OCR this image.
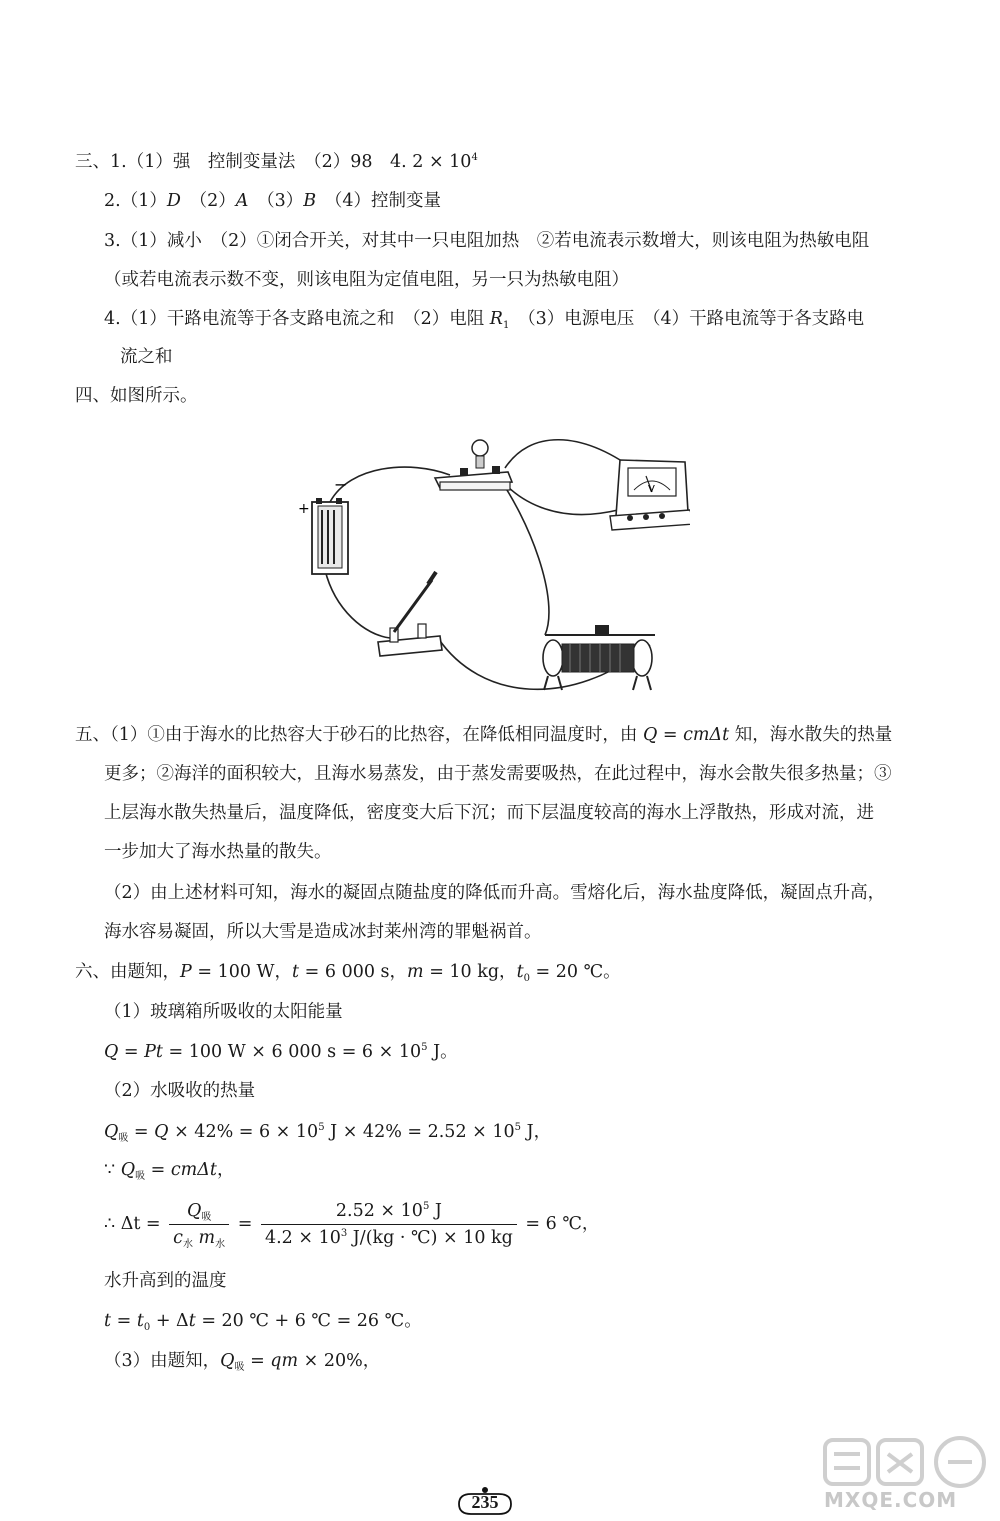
三、1.（1）强　控制变量法　（2）98　4. $2 \times 10^4$
2.（1）D　（2）A　（3）B　（4）控制变量
3.（1）减小　（2）①闭合开关，对其中一只电阻加热　②若电流表示数增大，则该电阻为热敏电阻
（或若电流表示数不变，则该电阻为定值电阻，另一只为热敏电阻）
4.（1）干路电流等于各支路电流之和　（2）电阻 $R_1$　（3）电源电压　（4）干路电流等于各支路电
流之和
四、如图所示。
+
−	V
五、（1）①由于海水的比热容大于砂石的比热容，在降低相同温度时，由 Q = cmΔt 知，海水散失的热量
更多；②海洋的面积较大，且海水易蒸发，由于蒸发需要吸热，在此过程中，海水会散失很多热量；③
上层海水散失热量后，温度降低，密度变大后下沉；而下层温度较高的海水上浮散热，形成对流，进
一步加大了海水热量的散失。
（2）由上述材料可知，海水的凝固点随盐度的降低而升高。雪熔化后，海水盐度降低，凝固点升高，
海水容易凝固，所以大雪是造成冰封莱州湾的罪魁祸首。
六、由题知，P = 100 W，t = 6 000 s，m = 10 kg，$t_0 = 20$ ℃。
（1）玻璃箱所吸收的太阳能量
Q = Pt = 100 W × 6 000 $s = 6 \times 10^5$ J。
（2）水吸收的热量
$Q_吸 = Q \times 42\% = 6 \times 10^5$ $J \times 42\% = 2.52 \times 10^5$ J，
∵ $Q_吸 = cm\Delta t$，
∴ $\Delta t = \frac{Q_吸}{c_水 m_水} = \frac{2.52 \times 10^5 J}{4.2 \times 10^3 J/(kg \cdot ℃) \times 10 kg} = 6$ ℃，
水升高到的温度
$t = t_0 + \Delta t = 20$ ℃ + 6 ℃ = 26 ℃。
（3）由题知，$Q_吸$ = qm × 20%，
235	MXQE.COM
